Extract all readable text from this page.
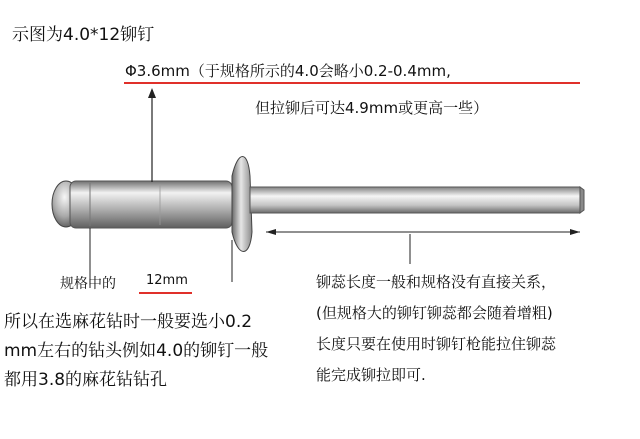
示图为4.0*12铆钉
Φ3.6mm（于规格所示的4.0会略小0.2-0.4mm,
但拉铆后可达4.9mm或更高一些）
规格中的 12mm
所以在选麻花钻时一般要选小0.2
mm左右的钻头例如4.0的铆钉一般
都用3.8的麻花钻钻孔
铆蕊长度一般和规格没有直接关系，
(但规格大的铆钉铆蕊都会随着增粗)
长度只要在使用时铆钉枪能拉住铆蕊
能完成铆拉即可.
